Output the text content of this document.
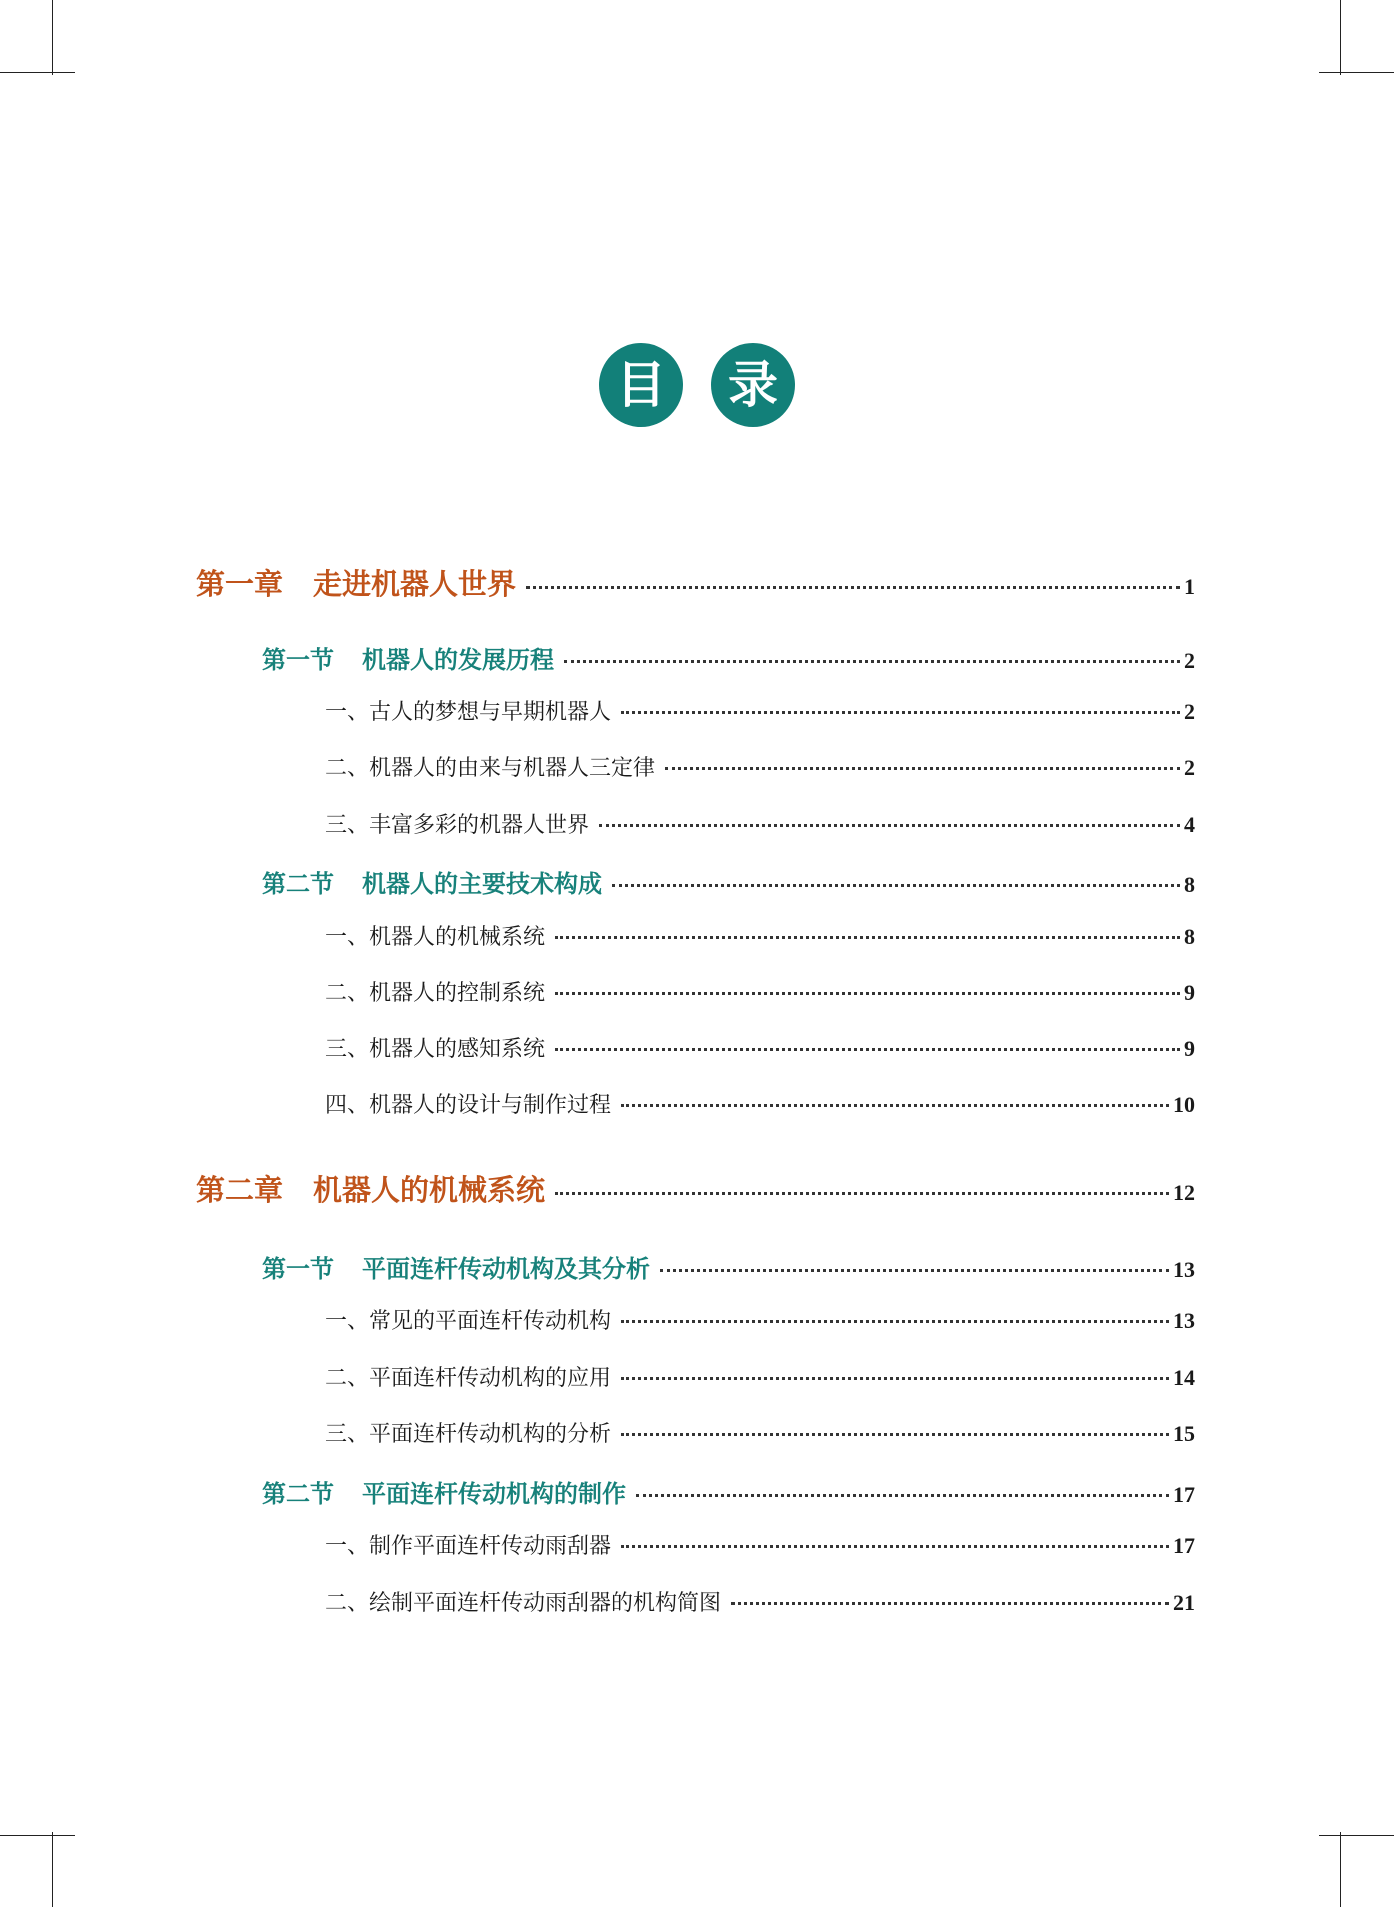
目	录
第一章 走进机器人世界	1
第一节 机器人的发展历程	2
一、古人的梦想与早期机器人	2
二、机器人的由来与机器人三定律	2
三、丰富多彩的机器人世界	4
第二节 机器人的主要技术构成	8
一、机器人的机械系统	8
二、机器人的控制系统	9
三、机器人的感知系统	9
四、机器人的设计与制作过程	10
第二章 机器人的机械系统	12
第一节 平面连杆传动机构及其分析	13
一、常见的平面连杆传动机构	13
二、平面连杆传动机构的应用	14
三、平面连杆传动机构的分析	15
第二节 平面连杆传动机构的制作	17
一、制作平面连杆传动雨刮器	17
二、绘制平面连杆传动雨刮器的机构简图	21
